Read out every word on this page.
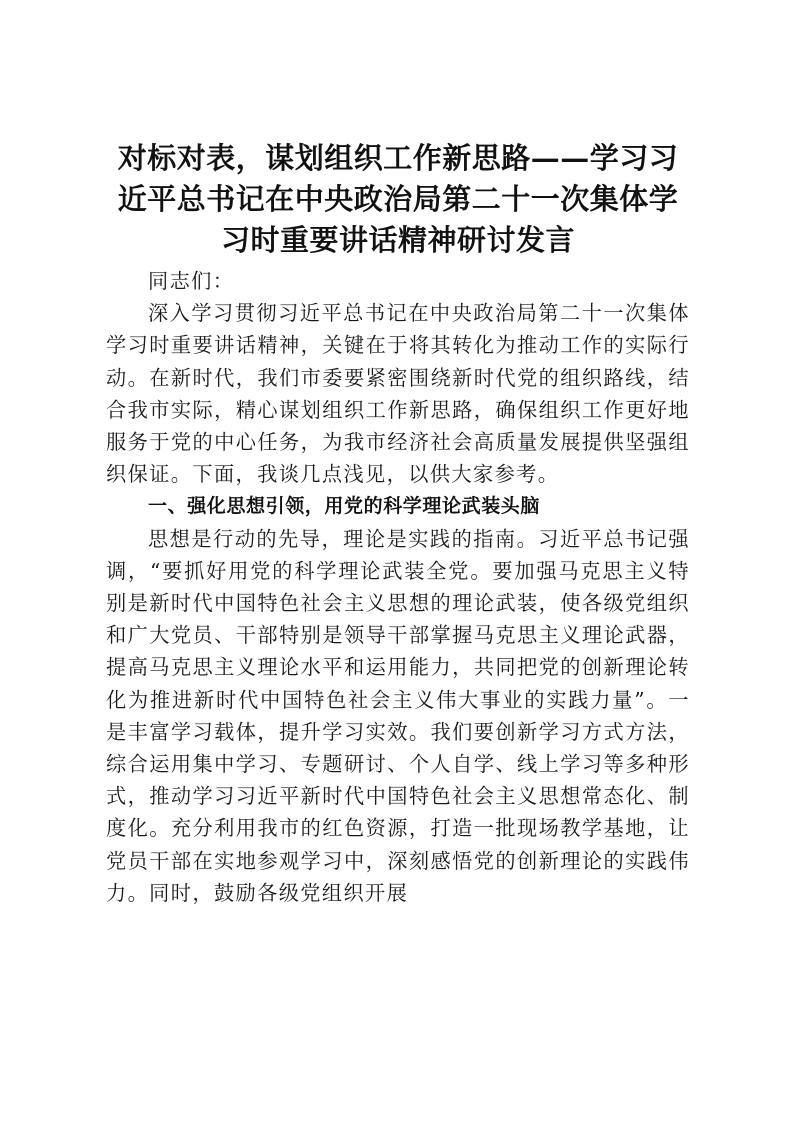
对标对表，谋划组织工作新思路——学习习近平总书记在中央政治局第二十一次集体学习时重要讲话精神研讨发言

同志们：

深入学习贯彻习近平总书记在中央政治局第二十一次集体学习时重要讲话精神，关键在于将其转化为推动工作的实际行动。在新时代，我们市委要紧密围绕新时代党的组织路线，结合我市实际，精心谋划组织工作新思路，确保组织工作更好地服务于党的中心任务，为我市经济社会高质量发展提供坚强组织保证。下面，我谈几点浅见，以供大家参考。

一、强化思想引领，用党的科学理论武装头脑

思想是行动的先导，理论是实践的指南。习近平总书记强调，“要抓好用党的科学理论武装全党。要加强马克思主义特别是新时代中国特色社会主义思想的理论武装，使各级党组织和广大党员、干部特别是领导干部掌握马克思主义理论武器，提高马克思主义理论水平和运用能力，共同把党的创新理论转化为推进新时代中国特色社会主义伟大事业的实践力量”。一是丰富学习载体，提升学习实效。我们要创新学习方式方法，综合运用集中学习、专题研讨、个人自学、线上学习等多种形式，推动学习习近平新时代中国特色社会主义思想常态化、制度化。充分利用我市的红色资源，打造一批现场教学基地，让党员干部在实地参观学习中，深刻感悟党的创新理论的实践伟力。同时，鼓励各级党组织开展
